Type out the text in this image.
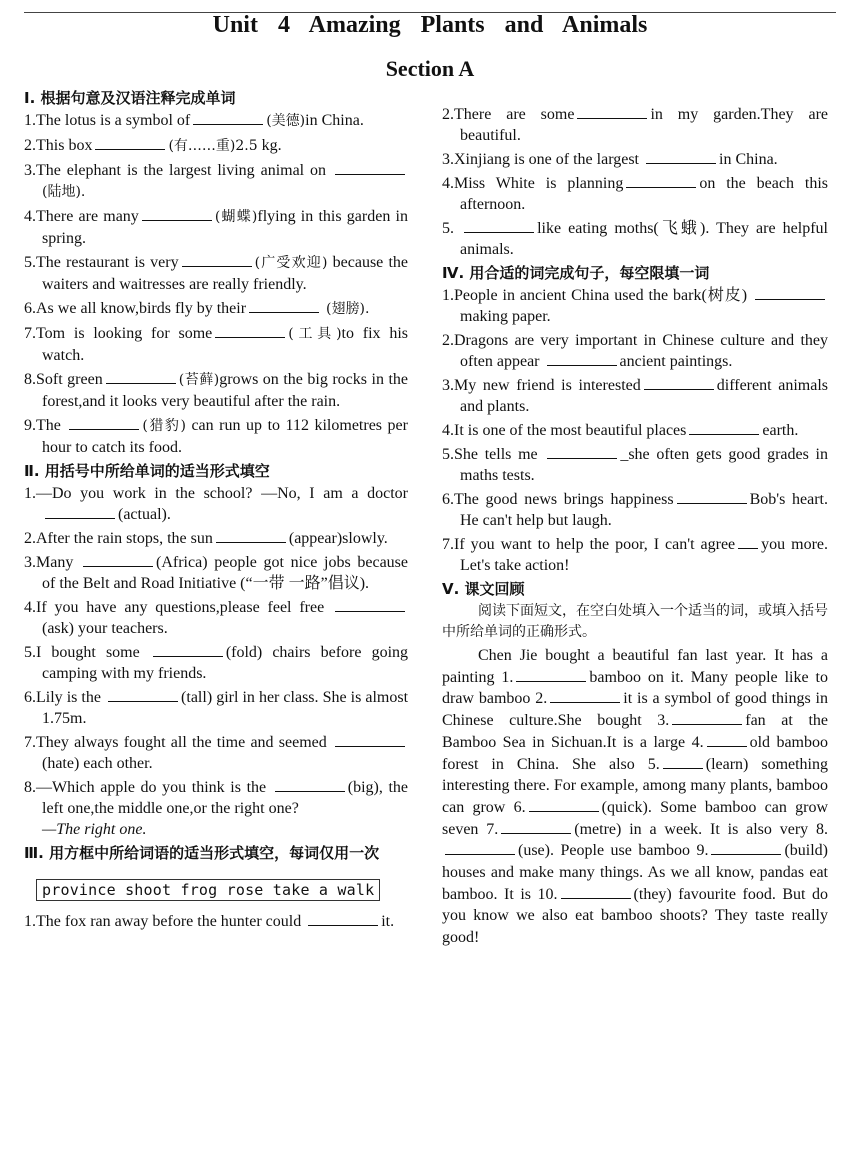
Unit 4 Amazing Plants and Animals
Section A
I. 根据句意及汉语注释完成单词
1.The lotus is a symbol of	(美德)in China.
2.This box	(有……重)2.5 kg.
3.The elephant is the largest living animal on (陆地).
4.There are many	(蝴蝶)flying in this garden in spring.
5.The restaurant is very	(广受欢迎) because the waiters and waitresses are really friendly.
6.As we all know,birds fly by their	(翅膀).
7.Tom is looking for some	(工具)to fix his watch.
8.Soft green	(苔藓)grows on the big rocks in the forest,and it looks very beautiful after the rain.
9.The	(猎豹) can run up to 112 kilometres per hour to catch its food.
Ⅱ. 用括号中所给单词的适当形式填空
1.—Do you work in the school? —No, I am a doctor(actual).
2.After the rain stops, the sun	(appear)slowly.
3.Many	(Africa) people got nice jobs because of the Belt and Road Initiative (“一带 一路”倡议).
4.If you have any questions,please feel free (ask) your teachers.
5.I bought some	(fold) chairs before going camping with my friends.
6.Lily is the	(tall) girl in her class. She is almost 1.75m.
7.They always fought all the time and seemed (hate) each other.
8.—Which apple do you think is the	(big), the left one,the middle one,or the right one?
—The right one.
Ⅲ. 用方框中所给词语的适当形式填空，每词仅用一次
province shoot frog rose take a walk
1.The fox ran away before the hunter could	it.
2.There are some	in my garden.They are beautiful.
3.Xinjiang is one of the largest	in China.
4.Miss White is planning	on the beach this afternoon.
5.	like eating moths(飞蛾). They are helpful animals.
Ⅳ. 用合适的词完成句子，每空限填一词
1.People in ancient China used the bark(树皮) making paper.
2.Dragons are very important in Chinese culture and they often appear	ancient paintings.
3.My new friend is interested	different animals and plants.
4.It is one of the most beautiful places	earth.
5.She tells me	_she often gets good grades in maths tests.
6.The good news brings happiness	Bob's heart. He can't help but laugh.
7.If you want to help the poor, I can't agree you more. Let's take action!
Ⅴ. 课文回顾
阅读下面短文，在空白处填入一个适当的词，或填入括号中所给单词的正确形式。

Chen Jie bought a beautiful fan last year. It has a painting 1.	bamboo on it. Many people like to draw bamboo 2.	it is a symbol of good things in Chinese culture.She bought 3.	fan at the Bamboo Sea in Sichuan.It is a large 4.	old bamboo forest in China. She also 5.	(learn) something interesting there. For example, among many plants, bamboo can grow 6.	(quick). Some bamboo can grow seven 7.	(metre) in a week. It is also very 8.(use). People use bamboo 9.	(build) houses and make many things. As we all know, pandas eat bamboo. It is 10.	(they) favourite food. But do you know we also eat bamboo shoots? They taste really good!
